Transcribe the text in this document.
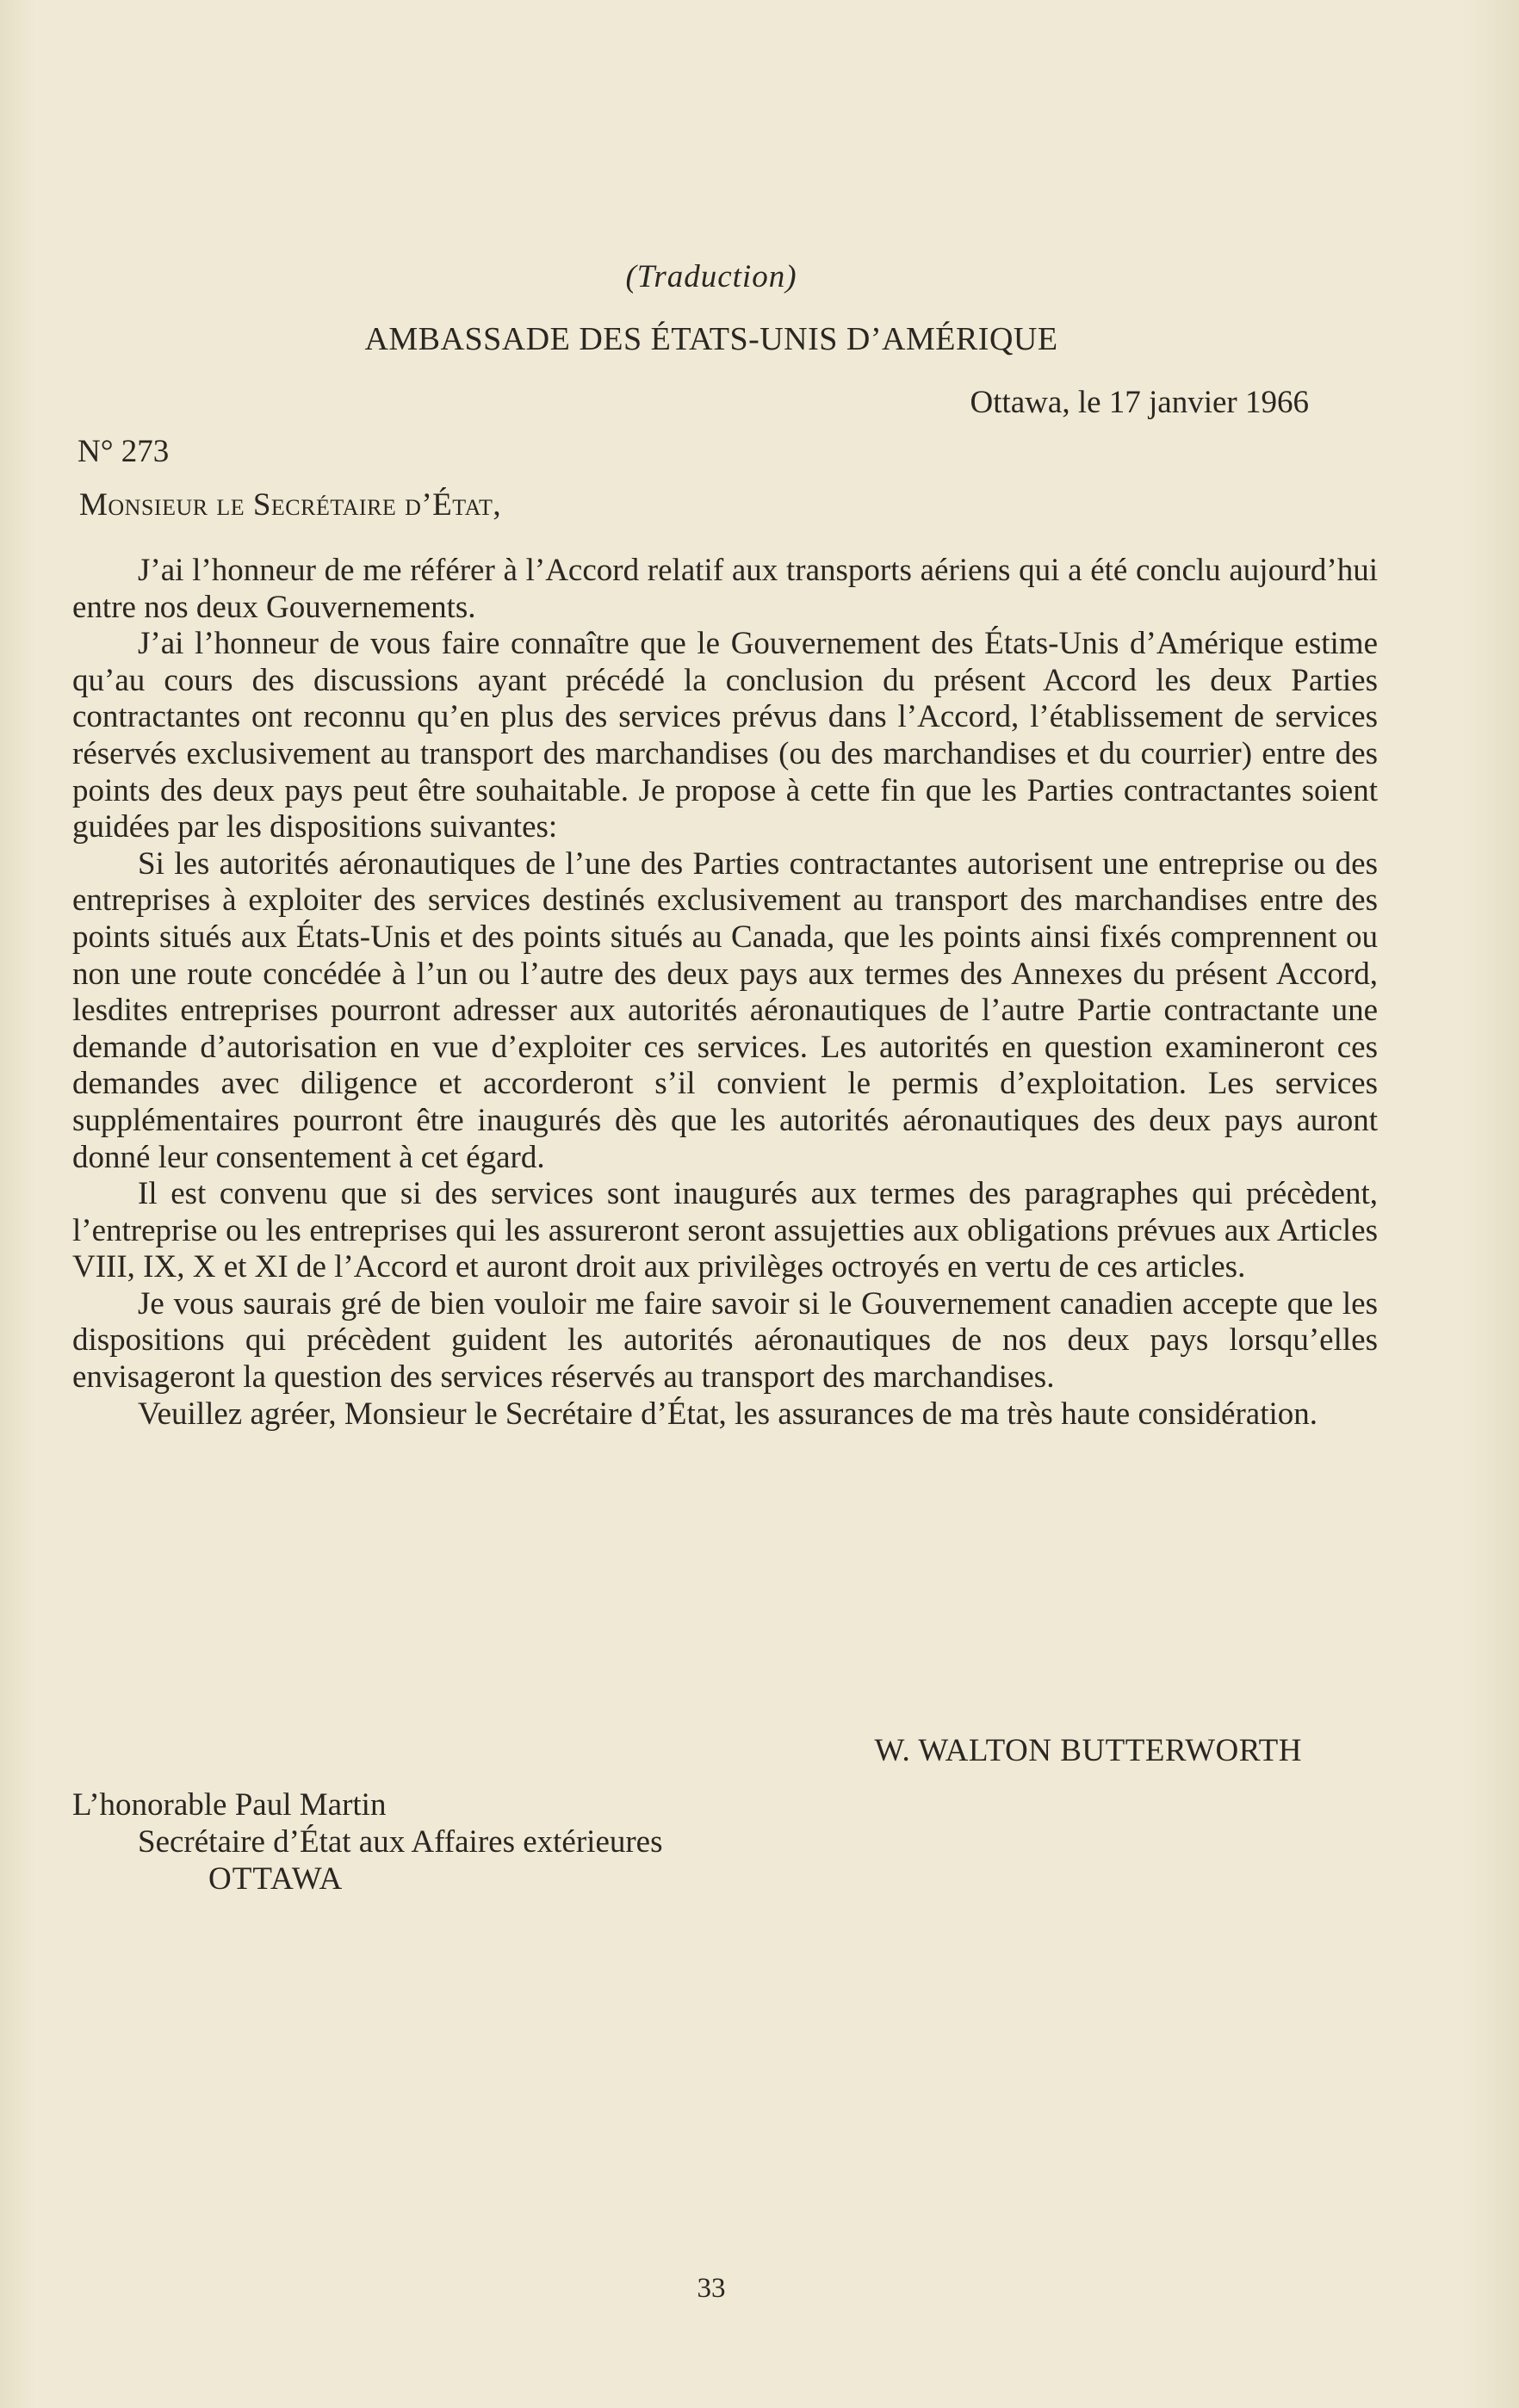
(Traduction)
AMBASSADE DES ÉTATS-UNIS D’AMÉRIQUE
Ottawa, le 17 janvier 1966
N° 273
Monsieur le Secrétaire d’État,

J’ai l’honneur de me référer à l’Accord relatif aux transports aériens qui a été conclu aujourd’hui entre nos deux Gouvernements.

J’ai l’honneur de vous faire connaître que le Gouvernement des États-Unis d’Amérique estime qu’au cours des discussions ayant précédé la conclusion du présent Accord les deux Parties contractantes ont reconnu qu’en plus des services prévus dans l’Accord, l’établissement de services réservés exclusivement au transport des marchandises (ou des marchandises et du courrier) entre des points des deux pays peut être souhaitable. Je propose à cette fin que les Parties contractantes soient guidées par les dispositions suivantes:

Si les autorités aéronautiques de l’une des Parties contractantes autorisent une entreprise ou des entreprises à exploiter des services destinés exclusivement au transport des marchandises entre des points situés aux États-Unis et des points situés au Canada, que les points ainsi fixés comprennent ou non une route concédée à l’un ou l’autre des deux pays aux termes des Annexes du présent Accord, lesdites entreprises pourront adresser aux autorités aéronautiques de l’autre Partie contractante une demande d’autorisation en vue d’exploiter ces services. Les autorités en question examineront ces demandes avec diligence et accorderont s’il convient le permis d’exploitation. Les services supplémentaires pourront être inaugurés dès que les autorités aéronautiques des deux pays auront donné leur consentement à cet égard.

Il est convenu que si des services sont inaugurés aux termes des paragraphes qui précèdent, l’entreprise ou les entreprises qui les assureront seront assujetties aux obligations prévues aux Articles VIII, IX, X et XI de l’Accord et auront droit aux privilèges octroyés en vertu de ces articles.

Je vous saurais gré de bien vouloir me faire savoir si le Gouvernement canadien accepte que les dispositions qui précèdent guident les autorités aéronautiques de nos deux pays lorsqu’elles envisageront la question des services réservés au transport des marchandises.

Veuillez agréer, Monsieur le Secrétaire d’État, les assurances de ma très haute considération.

W. WALTON BUTTERWORTH
L’honorable Paul Martin
Secrétaire d’État aux Affaires extérieures
OTTAWA
33
